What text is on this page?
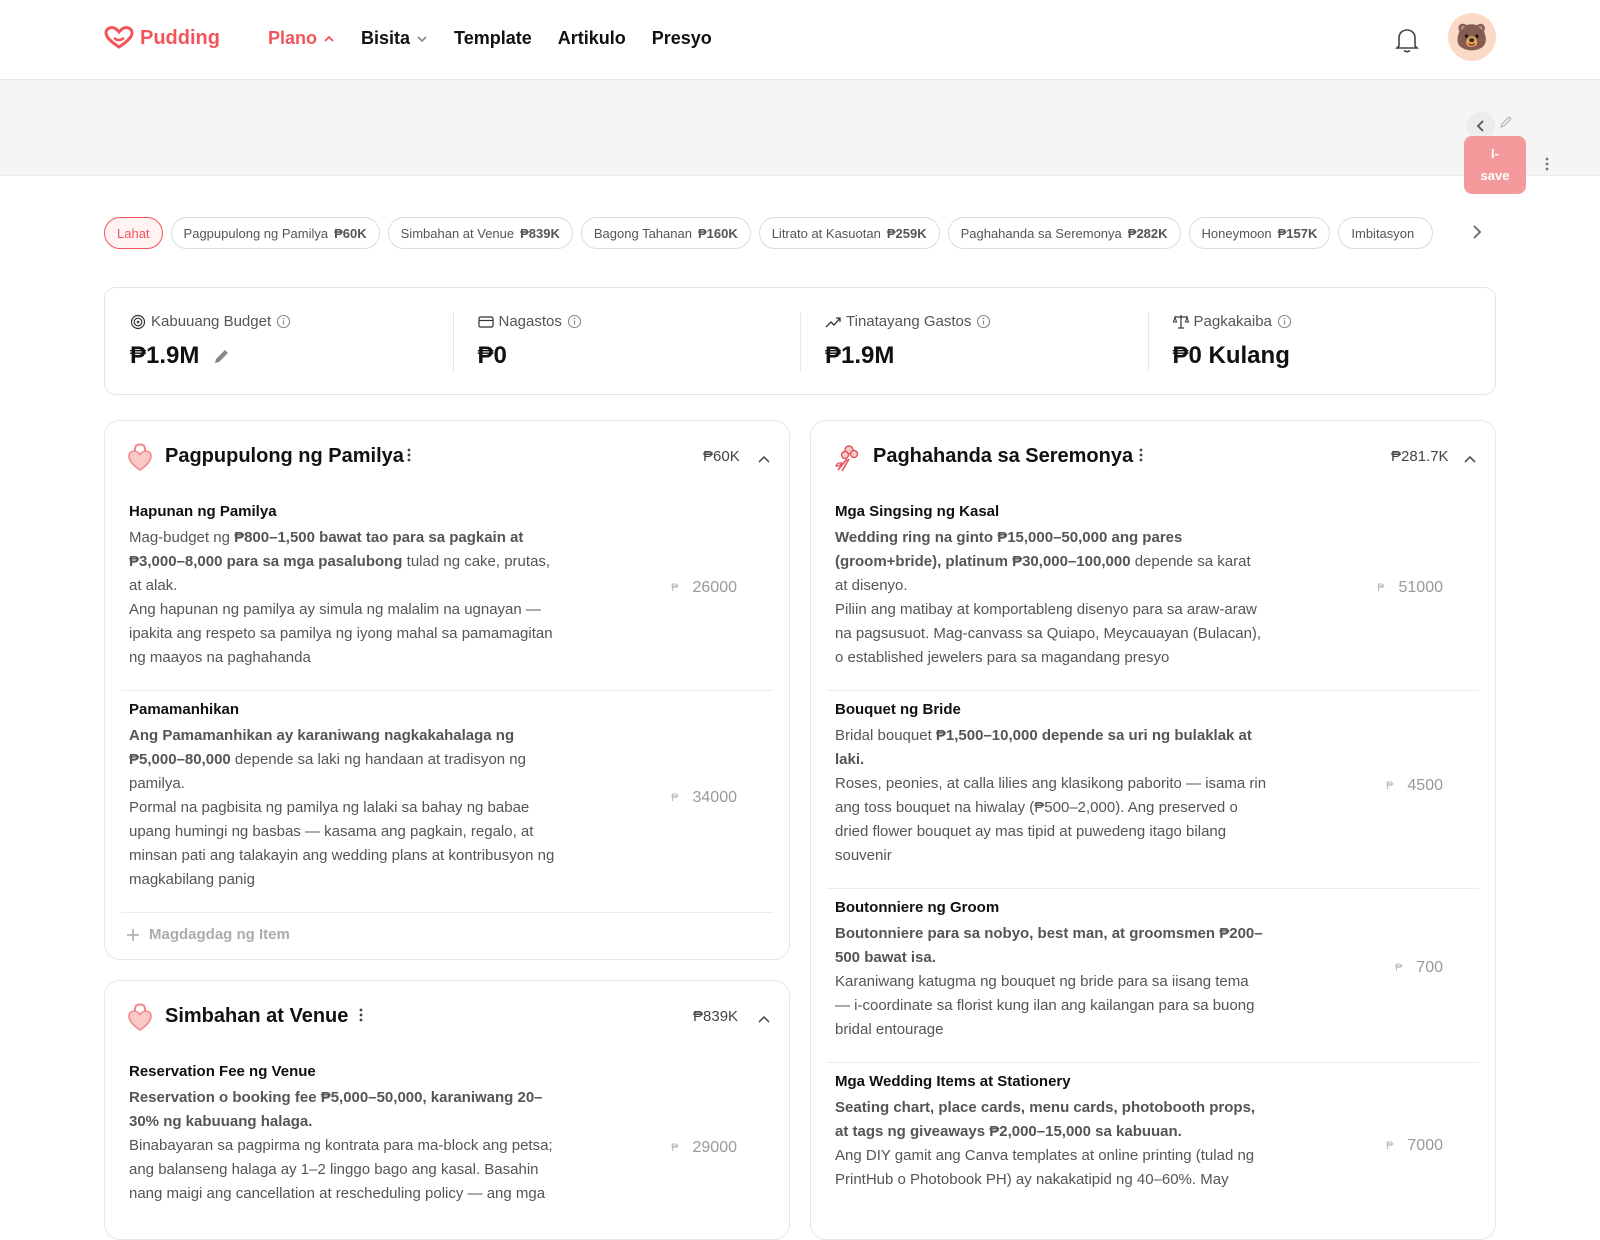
Pudding	Plano Bisita Template Artikulo Presyo	🐻
I-
save
Lahat	Pagpupulong ng Pamilya ₱60K	Simbahan at Venue ₱839K	Bagong Tahanan ₱160K	Litrato at Kasuotan ₱259K	Paghahanda sa Seremonya ₱282K	Honeymoon ₱157K	Imbitasyon
Kabuuang Budget
₱1.9M
Nagastos
₱0
Tinatayang Gastos
₱1.9M
Pagkakaiba
₱0 Kulang
Pagpupulong ng Pamilya	₱60K
Hapunan ng Pamilya
Mag-budget ng ₱800–1,500 bawat tao para sa pagkain at ₱3,000–8,000 para sa mga pasalubong tulad ng cake, prutas, at alak.
Ang hapunan ng pamilya ay simula ng malalim na ugnayan — ipakita ang respeto sa pamilya ng iyong mahal sa pamamagitan ng maayos na paghahanda
₱ 26000
Pamamanhikan
Ang Pamamanhikan ay karaniwang nagkakahalaga ng ₱5,000–80,000 depende sa laki ng handaan at tradisyon ng pamilya.
Pormal na pagbisita ng pamilya ng lalaki sa bahay ng babae upang humingi ng basbas — kasama ang pagkain, regalo, at minsan pati ang talakayin ang wedding plans at kontribusyon ng magkabilang panig
₱ 34000
Magdagdag ng Item
Simbahan at Venue	₱839K
Reservation Fee ng Venue
Reservation o booking fee ₱5,000–50,000, karaniwang 20–30% ng kabuuang halaga.
Binabayaran sa pagpirma ng kontrata para ma-block ang petsa; ang balanseng halaga ay 1–2 linggo bago ang kasal. Basahin nang maigi ang cancellation at rescheduling policy — ang mga
₱ 29000
Paghahanda sa Seremonya	₱281.7K
Mga Singsing ng Kasal
Wedding ring na ginto ₱15,000–50,000 ang pares (groom+bride), platinum ₱30,000–100,000 depende sa karat at disenyo.
Piliin ang matibay at komportableng disenyo para sa araw-araw na pagsusuot. Mag-canvass sa Quiapo, Meycauayan (Bulacan), o established jewelers para sa magandang presyo
₱ 51000
Bouquet ng Bride
Bridal bouquet ₱1,500–10,000 depende sa uri ng bulaklak at laki.
Roses, peonies, at calla lilies ang klasikong paborito — isama rin ang toss bouquet na hiwalay (₱500–2,000). Ang preserved o dried flower bouquet ay mas tipid at puwedeng itago bilang souvenir
₱ 4500
Boutonniere ng Groom
Boutonniere para sa nobyo, best man, at groomsmen ₱200–500 bawat isa.
Karaniwang katugma ng bouquet ng bride para sa iisang tema — i-coordinate sa florist kung ilan ang kailangan para sa buong bridal entourage
₱ 700
Mga Wedding Items at Stationery
Seating chart, place cards, menu cards, photobooth props, at tags ng giveaways ₱2,000–15,000 sa kabuuan.
Ang DIY gamit ang Canva templates at online printing (tulad ng PrintHub o Photobook PH) ay nakakatipid ng 40–60%. May
₱ 7000
